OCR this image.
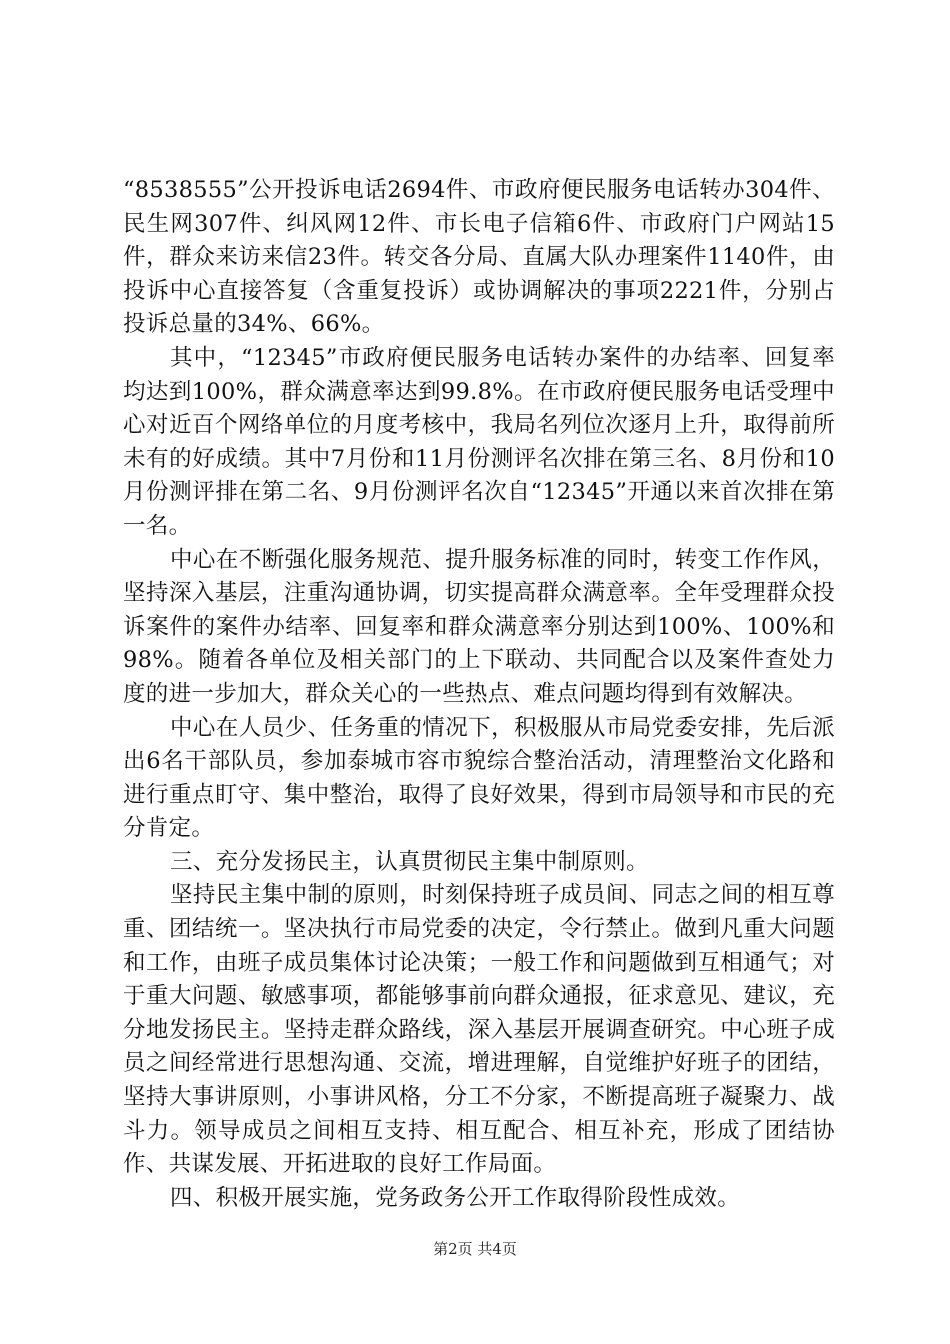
“8538555”公开投诉电话2694件、市政府便民服务电话转办304件、民生网307件、纠风网12件、市长电子信箱6件、市政府门户网站15件，群众来访来信23件。转交各分局、直属大队办理案件1140件，由投诉中心直接答复（含重复投诉）或协调解决的事项2221件，分别占投诉总量的34%、66%。

其中，“12345”市政府便民服务电话转办案件的办结率、回复率均达到100%，群众满意率达到99.8%。在市政府便民服务电话受理中心对近百个网络单位的月度考核中，我局名列位次逐月上升，取得前所未有的好成绩。其中7月份和11月份测评名次排在第三名、8月份和10月份测评排在第二名、9月份测评名次自“12345”开通以来首次排在第一名。

中心在不断强化服务规范、提升服务标准的同时，转变工作作风，坚持深入基层，注重沟通协调，切实提高群众满意率。全年受理群众投诉案件的案件办结率、回复率和群众满意率分别达到100%、100%和98%。随着各单位及相关部门的上下联动、共同配合以及案件查处力度的进一步加大，群众关心的一些热点、难点问题均得到有效解决。

中心在人员少、任务重的情况下，积极服从市局党委安排，先后派出6名干部队员，参加泰城市容市貌综合整治活动，清理整治文化路和进行重点盯守、集中整治，取得了良好效果，得到市局领导和市民的充分肯定。

三、充分发扬民主，认真贯彻民主集中制原则。

坚持民主集中制的原则，时刻保持班子成员间、同志之间的相互尊重、团结统一。坚决执行市局党委的决定，令行禁止。做到凡重大问题和工作，由班子成员集体讨论决策；一般工作和问题做到互相通气；对于重大问题、敏感事项，都能够事前向群众通报，征求意见、建议，充分地发扬民主。坚持走群众路线，深入基层开展调查研究。中心班子成员之间经常进行思想沟通、交流，增进理解，自觉维护好班子的团结，坚持大事讲原则，小事讲风格，分工不分家，不断提高班子凝聚力、战斗力。领导成员之间相互支持、相互配合、相互补充，形成了团结协作、共谋发展、开拓进取的良好工作局面。

四、积极开展实施，党务政务公开工作取得阶段性成效。

第2页 共4页
